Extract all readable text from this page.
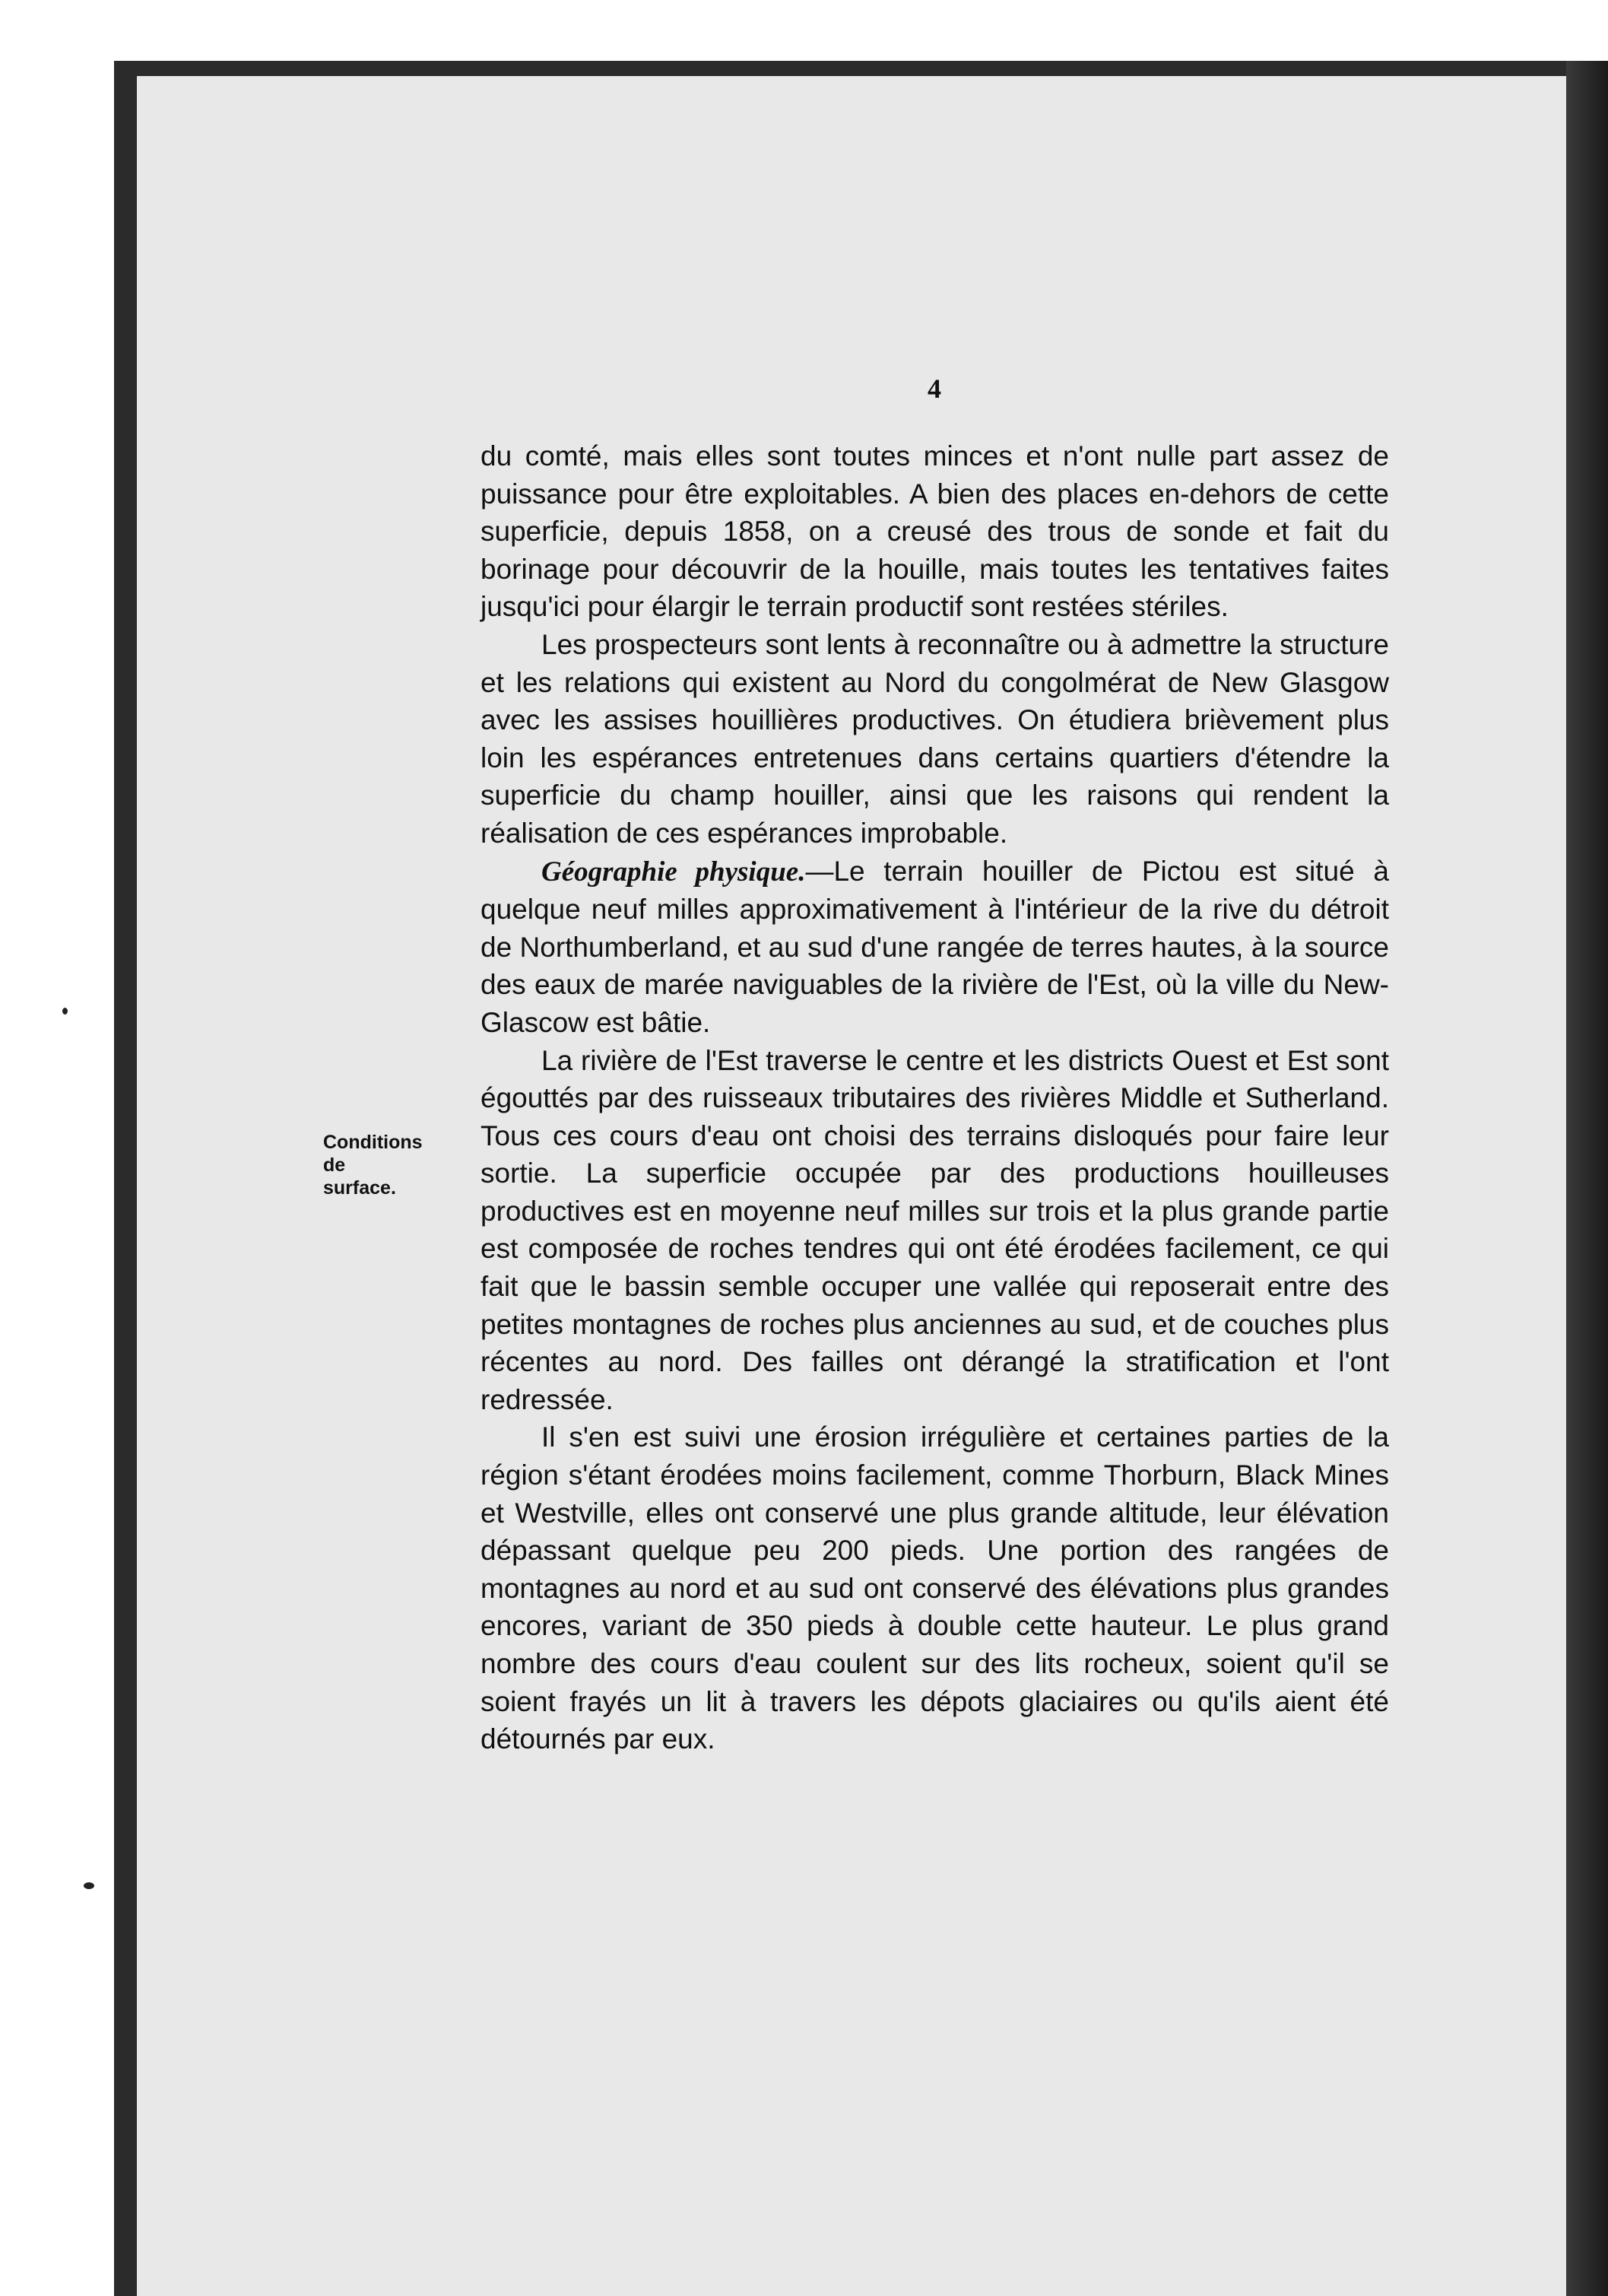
4
Conditions
de
surface.

du comté, mais elles sont toutes minces et n'ont nulle part assez de puissance pour être exploitables. A bien des places en-dehors de cette superficie, depuis 1858, on a creusé des trous de sonde et fait du borinage pour découvrir de la houille, mais toutes les tentatives faites jusqu'ici pour élargir le terrain productif sont restées stériles.

Les prospecteurs sont lents à reconnaître ou à admettre la structure et les relations qui existent au Nord du congolmérat de New Glasgow avec les assises houillières productives. On étudiera brièvement plus loin les espérances entretenues dans certains quartiers d'étendre la superficie du champ houiller, ainsi que les raisons qui rendent la réalisation de ces espérances improbable.

Géographie physique.—Le terrain houiller de Pictou est situé à quelque neuf milles approximativement à l'intérieur de la rive du détroit de Northumberland, et au sud d'une rangée de terres hautes, à la source des eaux de marée naviguables de la rivière de l'Est, où la ville du New-Glascow est bâtie.

La rivière de l'Est traverse le centre et les districts Ouest et Est sont égouttés par des ruisseaux tributaires des rivières Middle et Sutherland. Tous ces cours d'eau ont choisi des terrains disloqués pour faire leur sortie. La superficie occupée par des productions houilleuses productives est en moyenne neuf milles sur trois et la plus grande partie est composée de roches tendres qui ont été érodées facilement, ce qui fait que le bassin semble occuper une vallée qui reposerait entre des petites montagnes de roches plus anciennes au sud, et de couches plus récentes au nord. Des failles ont dérangé la stratification et l'ont redressée.

Il s'en est suivi une érosion irrégulière et certaines parties de la région s'étant érodées moins facilement, comme Thorburn, Black Mines et Westville, elles ont conservé une plus grande altitude, leur élévation dépassant quelque peu 200 pieds. Une portion des rangées de montagnes au nord et au sud ont conservé des élévations plus grandes encores, variant de 350 pieds à double cette hauteur. Le plus grand nombre des cours d'eau coulent sur des lits rocheux, soient qu'il se soient frayés un lit à travers les dépots glaciaires ou qu'ils aient été détournés par eux.
